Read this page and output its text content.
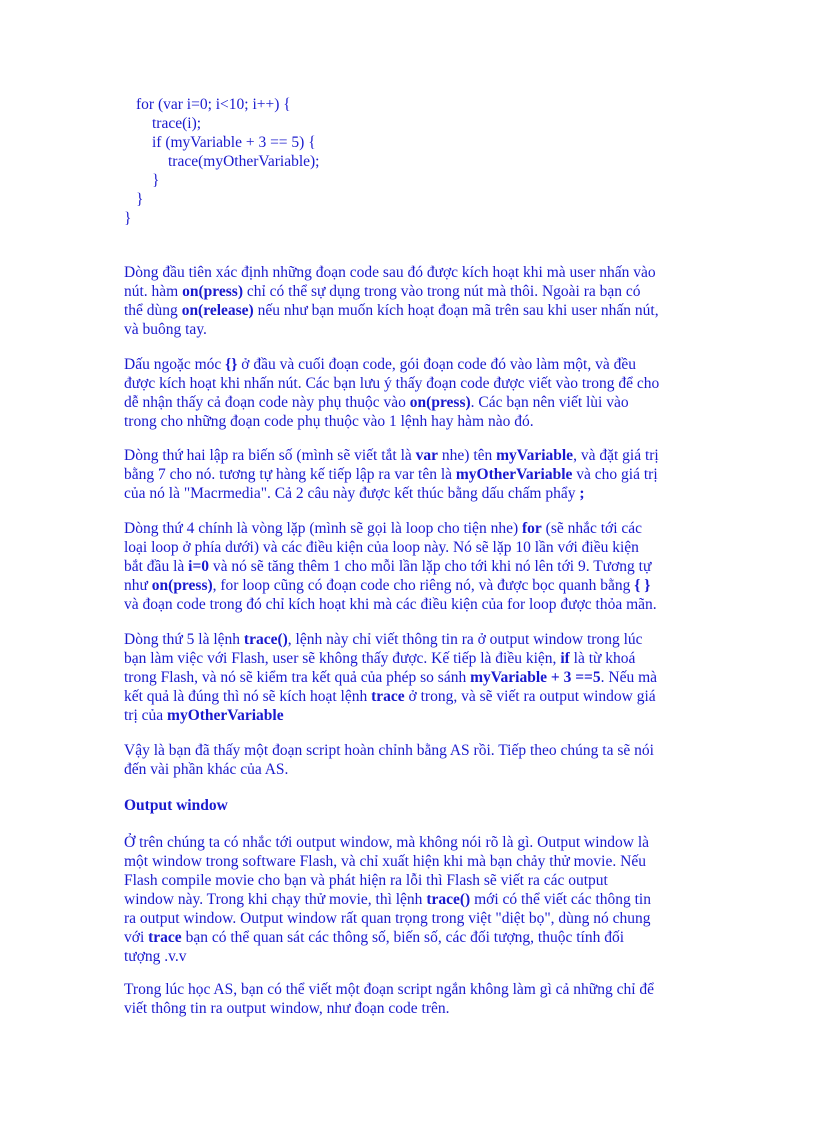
for (var i=0; i<10; i++) {
trace(i);
if (myVariable + 3 == 5) {
trace(myOtherVariable);
}
}
}
Dòng đầu tiên xác định những đoạn code sau đó được kích hoạt khi mà user nhấn vào
nút. hàm on(press) chỉ có thể sự dụng trong vào trong nút mà thôi. Ngoài ra bạn có
thể dùng on(release) nếu như bạn muốn kích hoạt đoạn mã trên sau khi user nhấn nút,
và buông tay.
Dấu ngoặc móc {} ở đầu và cuối đoạn code, gói đoạn code đó vào làm một, và đều
được kích hoạt khi nhấn nút. Các bạn lưu ý thấy đoạn code được viết vào trong để cho
dễ nhận thấy cả đoạn code này phụ thuộc vào on(press). Các bạn nên viết lùi vào
trong cho những đoạn code phụ thuộc vào 1 lệnh hay hàm nào đó.
Dòng thứ hai lập ra biến số (mình sẽ viết tắt là var nhe) tên myVariable, và đặt giá trị
bằng 7 cho nó. tương tự hàng kế tiếp lập ra var tên là myOtherVariable và cho giá trị
của nó là "Macrmedia". Cả 2 câu này được kết thúc bằng dấu chấm phẩy ;
Dòng thứ 4 chính là vòng lặp (mình sẽ gọi là loop cho tiện nhe) for (sẽ nhắc tới các
loại loop ở phía dưới) và các điều kiện của loop này. Nó sẽ lặp 10 lần với điều kiện
bắt đầu là i=0 và nó sẽ tăng thêm 1 cho mỗi lần lặp cho tới khi nó lên tới 9. Tương tự
như on(press), for loop cũng có đoạn code cho riêng nó, và được bọc quanh bằng { }
và đoạn code trong đó chỉ kích hoạt khi mà các điều kiện của for loop được thỏa mãn.
Dòng thứ 5 là lệnh trace(), lệnh này chỉ viết thông tin ra ở output window trong lúc
bạn làm việc với Flash, user sẽ không thấy được. Kế tiếp là điều kiện, if là từ khoá
trong Flash, và nó sẽ kiểm tra kết quả của phép so sánh myVariable + 3 ==5. Nếu mà
kết quả là đúng thì nó sẽ kích hoạt lệnh trace ở trong, và sẽ viết ra output window giá
trị của myOtherVariable
Vậy là bạn đã thấy một đoạn script hoàn chỉnh bằng AS rồi. Tiếp theo chúng ta sẽ nói
đến vài phần khác của AS.
Output window
Ở trên chúng ta có nhắc tới output window, mà không nói rõ là gì. Output window là
một window trong software Flash, và chỉ xuất hiện khi mà bạn chảy thử movie. Nếu
Flash compile movie cho bạn và phát hiện ra lỗi thì Flash sẽ viết ra các output
window này. Trong khi chạy thử movie, thì lệnh trace() mới có thể viết các thông tin
ra output window. Output window rất quan trọng trong việt "diệt bọ", dùng nó chung
với trace bạn có thể quan sát các thông số, biến số, các đối tượng, thuộc tính đối
tượng .v.v
Trong lúc học AS, bạn có thể viết một đoạn script ngắn không làm gì cả những chỉ để
viết thông tin ra output window, như đoạn code trên.
